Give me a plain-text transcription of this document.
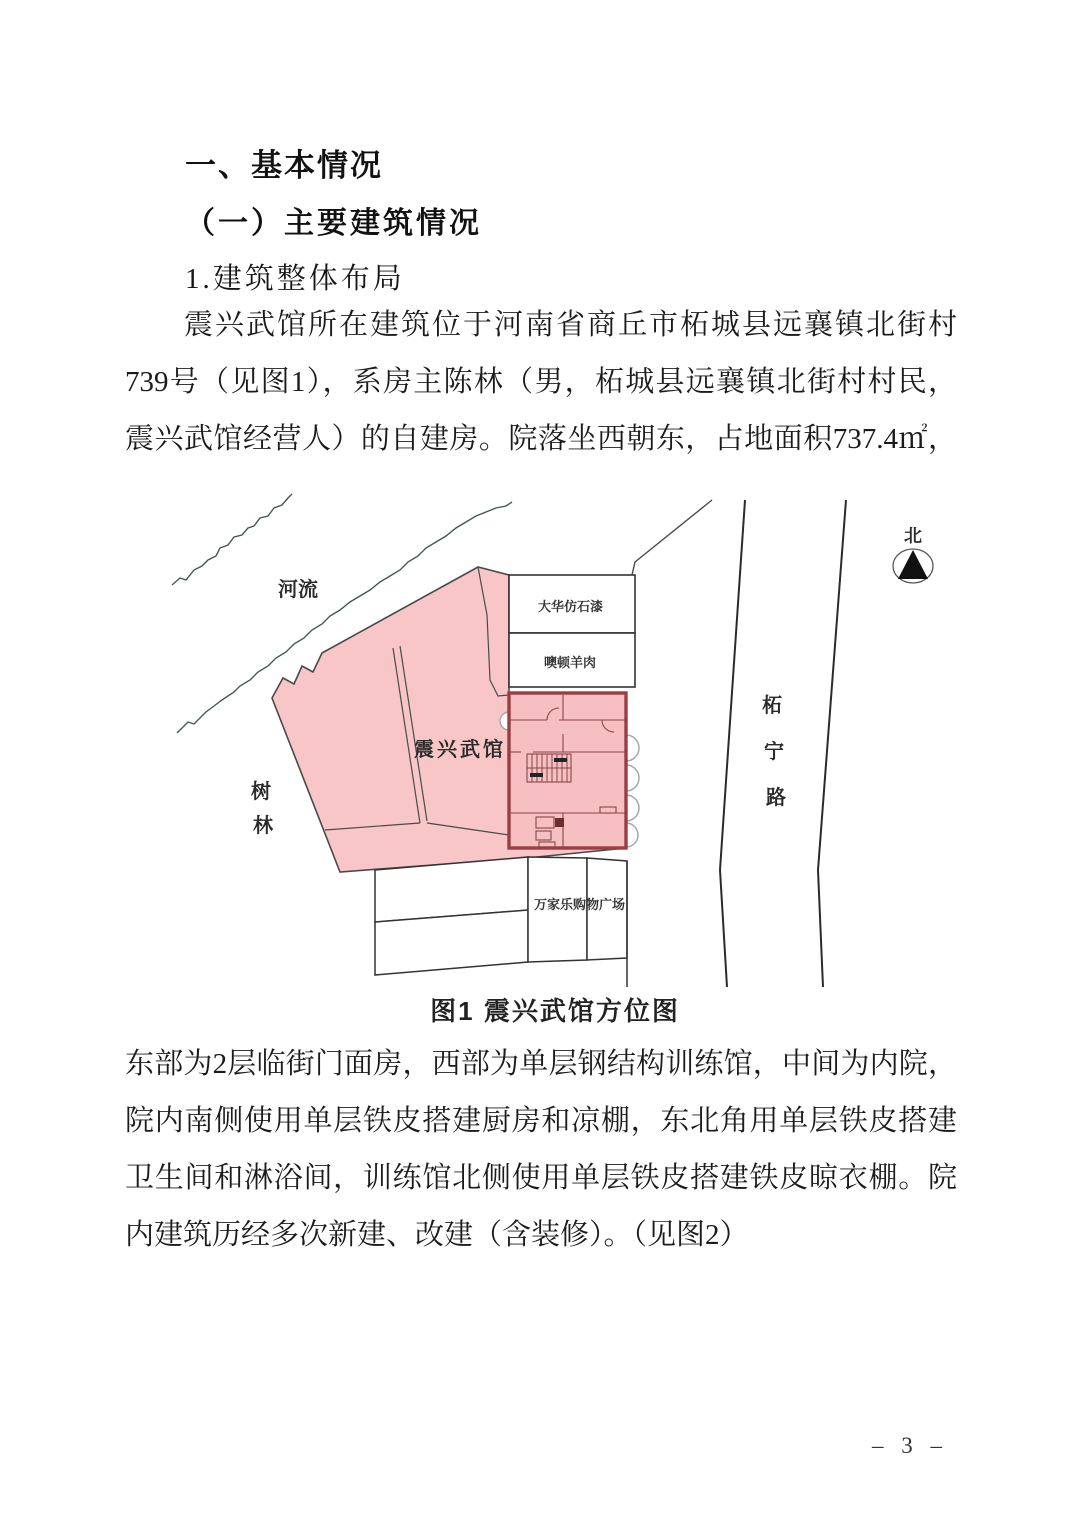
一、基本情况
（一）主要建筑情况
1.建筑整体布局
震兴武馆所在建筑位于河南省商丘市柘城县远襄镇北街村
739号（见图1），系房主陈林（男，柘城县远襄镇北街村村民，
震兴武馆经营人）的自建房。院落坐西朝东，占地面积737.4㎡，
河流
树
林
震兴武馆
大华仿石漆
噢顿羊肉
万家乐购物广场
柘
宁
路
北
图1 震兴武馆方位图
东部为2层临街门面房，西部为单层钢结构训练馆，中间为内院，
院内南侧使用单层铁皮搭建厨房和凉棚，东北角用单层铁皮搭建
卫生间和淋浴间，训练馆北侧使用单层铁皮搭建铁皮晾衣棚。院
内建筑历经多次新建、改建（含装修）。（见图2）
– 3 –
